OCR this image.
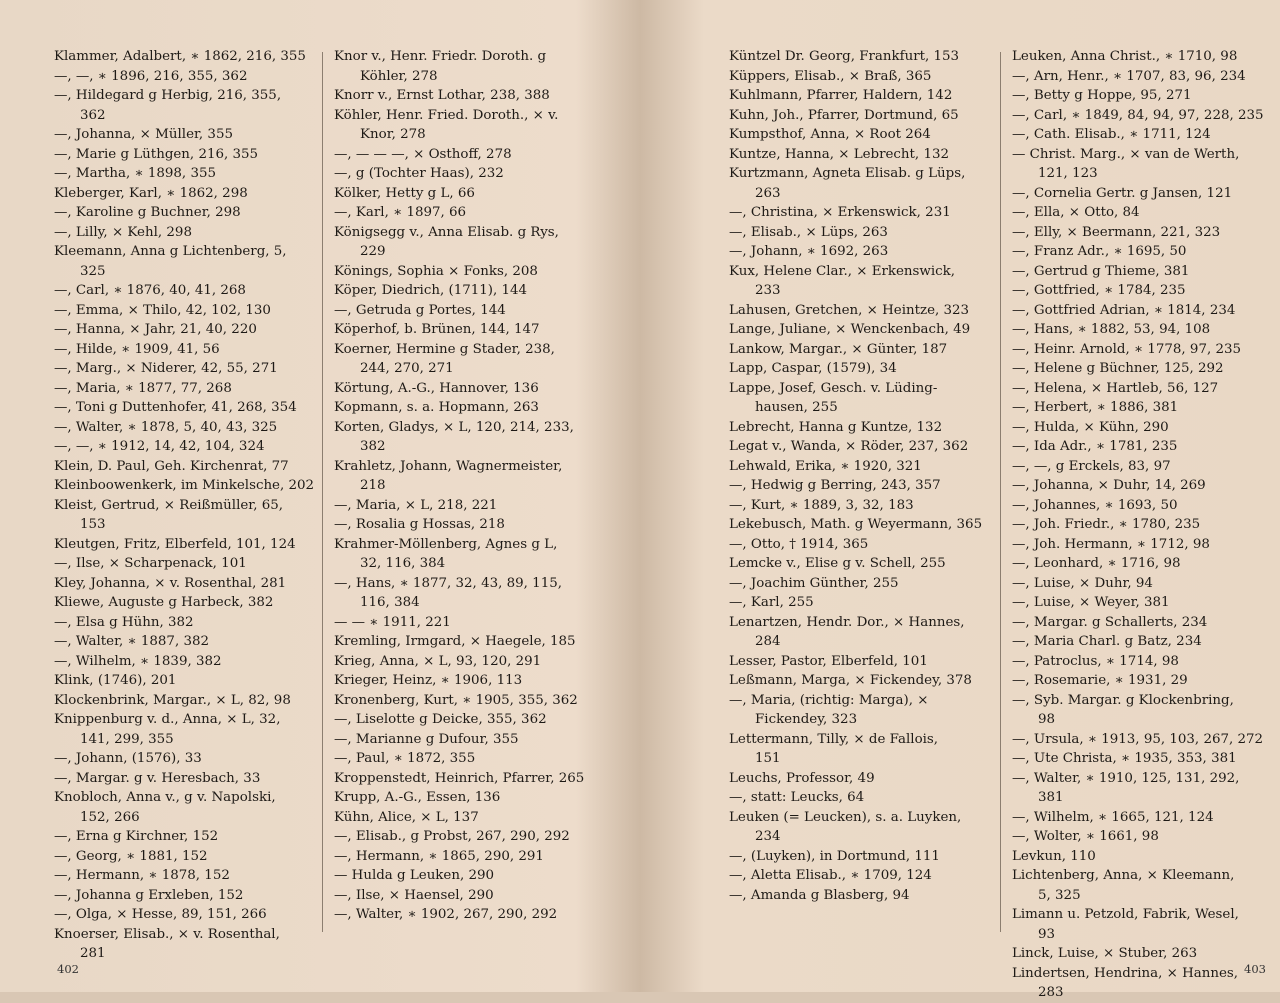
Klammer, Adalbert, ∗ 1862, 216, 355
—, —, ∗ 1896, 216, 355, 362
—, Hildegard g Herbig, 216, 355,
362
—, Johanna, × Müller, 355
—, Marie g Lüthgen, 216, 355
—, Martha, ∗ 1898, 355
Kleberger, Karl, ∗ 1862, 298
—, Karoline g Buchner, 298
—, Lilly, × Kehl, 298
Kleemann, Anna g Lichtenberg, 5,
325
—, Carl, ∗ 1876, 40, 41, 268
—, Emma, × Thilo, 42, 102, 130
—, Hanna, × Jahr, 21, 40, 220
—, Hilde, ∗ 1909, 41, 56
—, Marg., × Niderer, 42, 55, 271
—, Maria, ∗ 1877, 77, 268
—, Toni g Duttenhofer, 41, 268, 354
—, Walter, ∗ 1878, 5, 40, 43, 325
—, —, ∗ 1912, 14, 42, 104, 324
Klein, D. Paul, Geh. Kirchenrat, 77
Kleinboowenkerk, im Minkelsche, 202
Kleist, Gertrud, × Reißmüller, 65,
153
Kleutgen, Fritz, Elberfeld, 101, 124
—, Ilse, × Scharpenack, 101
Kley, Johanna, × v. Rosenthal, 281
Kliewe, Auguste g Harbeck, 382
—, Elsa g Hühn, 382
—, Walter, ∗ 1887, 382
—, Wilhelm, ∗ 1839, 382
Klink, (1746), 201
Klockenbrink, Margar., × L, 82, 98
Knippenburg v. d., Anna, × L, 32,
141, 299, 355
—, Johann, (1576), 33
—, Margar. g v. Heresbach, 33
Knobloch, Anna v., g v. Napolski,
152, 266
—, Erna g Kirchner, 152
—, Georg, ∗ 1881, 152
—, Hermann, ∗ 1878, 152
—, Johanna g Erxleben, 152
—, Olga, × Hesse, 89, 151, 266
Knoerser, Elisab., × v. Rosenthal,
281
Knor v., Henr. Friedr. Doroth. g
Köhler, 278
Knorr v., Ernst Lothar, 238, 388
Köhler, Henr. Fried. Doroth., × v.
Knor, 278
—, — — —, × Osthoff, 278
—, g (Tochter Haas), 232
Kölker, Hetty g L, 66
—, Karl, ∗ 1897, 66
Königsegg v., Anna Elisab. g Rys,
229
Könings, Sophia × Fonks, 208
Köper, Diedrich, (1711), 144
—, Getruda g Portes, 144
Köperhof, b. Brünen, 144, 147
Koerner, Hermine g Stader, 238,
244, 270, 271
Körtung, A.-G., Hannover, 136
Kopmann, s. a. Hopmann, 263
Korten, Gladys, × L, 120, 214, 233,
382
Krahletz, Johann, Wagnermeister,
218
—, Maria, × L, 218, 221
—, Rosalia g Hossas, 218
Krahmer-Möllenberg, Agnes g L,
32, 116, 384
—, Hans, ∗ 1877, 32, 43, 89, 115,
116, 384
— — ∗ 1911, 221
Kremling, Irmgard, × Haegele, 185
Krieg, Anna, × L, 93, 120, 291
Krieger, Heinz, ∗ 1906, 113
Kronenberg, Kurt, ∗ 1905, 355, 362
—, Liselotte g Deicke, 355, 362
—, Marianne g Dufour, 355
—, Paul, ∗ 1872, 355
Kroppenstedt, Heinrich, Pfarrer, 265
Krupp, A.-G., Essen, 136
Kühn, Alice, × L, 137
—, Elisab., g Probst, 267, 290, 292
—, Hermann, ∗ 1865, 290, 291
— Hulda g Leuken, 290
—, Ilse, × Haensel, 290
—, Walter, ∗ 1902, 267, 290, 292
402
Küntzel Dr. Georg, Frankfurt, 153
Küppers, Elisab., × Braß, 365
Kuhlmann, Pfarrer, Haldern, 142
Kuhn, Joh., Pfarrer, Dortmund, 65
Kumpsthof, Anna, × Root 264
Kuntze, Hanna, × Lebrecht, 132
Kurtzmann, Agneta Elisab. g Lüps,
263
—, Christina, × Erkenswick, 231
—, Elisab., × Lüps, 263
—, Johann, ∗ 1692, 263
Kux, Helene Clar., × Erkenswick,
233
Lahusen, Gretchen, × Heintze, 323
Lange, Juliane, × Wenckenbach, 49
Lankow, Margar., × Günter, 187
Lapp, Caspar, (1579), 34
Lappe, Josef, Gesch. v. Lüding-
hausen, 255
Lebrecht, Hanna g Kuntze, 132
Legat v., Wanda, × Röder, 237, 362
Lehwald, Erika, ∗ 1920, 321
—, Hedwig g Berring, 243, 357
—, Kurt, ∗ 1889, 3, 32, 183
Lekebusch, Math. g Weyermann, 365
—, Otto, † 1914, 365
Lemcke v., Elise g v. Schell, 255
—, Joachim Günther, 255
—, Karl, 255
Lenartzen, Hendr. Dor., × Hannes,
284
Lesser, Pastor, Elberfeld, 101
Leßmann, Marga, × Fickendey, 378
—, Maria, (richtig: Marga), ×
Fickendey, 323
Lettermann, Tilly, × de Fallois,
151
Leuchs, Professor, 49
—, statt: Leucks, 64
Leuken (= Leucken), s. a. Luyken,
234
—, (Luyken), in Dortmund, 111
—, Aletta Elisab., ∗ 1709, 124
—, Amanda g Blasberg, 94
Leuken, Anna Christ., ∗ 1710, 98
—, Arn, Henr., ∗ 1707, 83, 96, 234
—, Betty g Hoppe, 95, 271
—, Carl, ∗ 1849, 84, 94, 97, 228, 235
—, Cath. Elisab., ∗ 1711, 124
— Christ. Marg., × van de Werth,
121, 123
—, Cornelia Gertr. g Jansen, 121
—, Ella, × Otto, 84
—, Elly, × Beermann, 221, 323
—, Franz Adr., ∗ 1695, 50
—, Gertrud g Thieme, 381
—, Gottfried, ∗ 1784, 235
—, Gottfried Adrian, ∗ 1814, 234
—, Hans, ∗ 1882, 53, 94, 108
—, Heinr. Arnold, ∗ 1778, 97, 235
—, Helene g Büchner, 125, 292
—, Helena, × Hartleb, 56, 127
—, Herbert, ∗ 1886, 381
—, Hulda, × Kühn, 290
—, Ida Adr., ∗ 1781, 235
—, —, g Erckels, 83, 97
—, Johanna, × Duhr, 14, 269
—, Johannes, ∗ 1693, 50
—, Joh. Friedr., ∗ 1780, 235
—, Joh. Hermann, ∗ 1712, 98
—, Leonhard, ∗ 1716, 98
—, Luise, × Duhr, 94
—, Luise, × Weyer, 381
—, Margar. g Schallerts, 234
—, Maria Charl. g Batz, 234
—, Patroclus, ∗ 1714, 98
—, Rosemarie, ∗ 1931, 29
—, Syb. Margar. g Klockenbring,
98
—, Ursula, ∗ 1913, 95, 103, 267, 272
—, Ute Christa, ∗ 1935, 353, 381
—, Walter, ∗ 1910, 125, 131, 292,
381
—, Wilhelm, ∗ 1665, 121, 124
—, Wolter, ∗ 1661, 98
Levkun, 110
Lichtenberg, Anna, × Kleemann,
5, 325
Limann u. Petzold, Fabrik, Wesel,
93
Linck, Luise, × Stuber, 263
Lindertsen, Hendrina, × Hannes,
283
403
